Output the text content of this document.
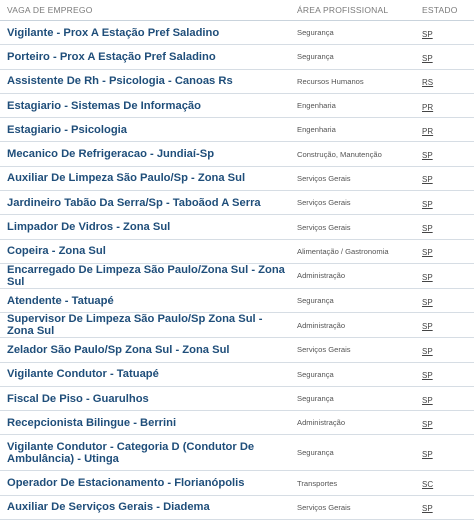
VAGA DE EMPREGO	ÁREA PROFISSIONAL	ESTADO

Vigilante - Prox A Estação Pref Saladino	Segurança	SP

Porteiro - Prox A Estação Pref Saladino	Segurança	SP

Assistente De Rh - Psicologia - Canoas Rs	Recursos Humanos	RS

Estagiario - Sistemas De Informação	Engenharia	PR

Estagiario - Psicologia	Engenharia	PR

Mecanico De Refrigeracao - Jundiaí-Sp	Construção, Manutenção	SP

Auxiliar De Limpeza São Paulo/Sp - Zona Sul	Serviços Gerais	SP

Jardineiro Tabão Da Serra/Sp - Taboãod A Serra	Serviços Gerais	SP

Limpador De Vidros - Zona Sul	Serviços Gerais	SP

Copeira - Zona Sul	Alimentação / Gastronomia	SP

Encarregado De Limpeza São Paulo/Zona Sul - Zona Sul	Administração	SP

Atendente - Tatuapé	Segurança	SP

Supervisor De Limpeza São Paulo/Sp Zona Sul - Zona Sul	Administração	SP

Zelador São Paulo/Sp Zona Sul - Zona Sul	Serviços Gerais	SP

Vigilante Condutor - Tatuapé	Segurança	SP

Fiscal De Piso - Guarulhos	Segurança	SP

Recepcionista Bilingue - Berrini	Administração	SP

Vigilante Condutor - Categoria D (Condutor De Ambulância) - Utinga	Segurança	SP

Operador De Estacionamento - Florianópolis	Transportes	SC

Auxiliar De Serviços Gerais - Diadema	Serviços Gerais	SP
